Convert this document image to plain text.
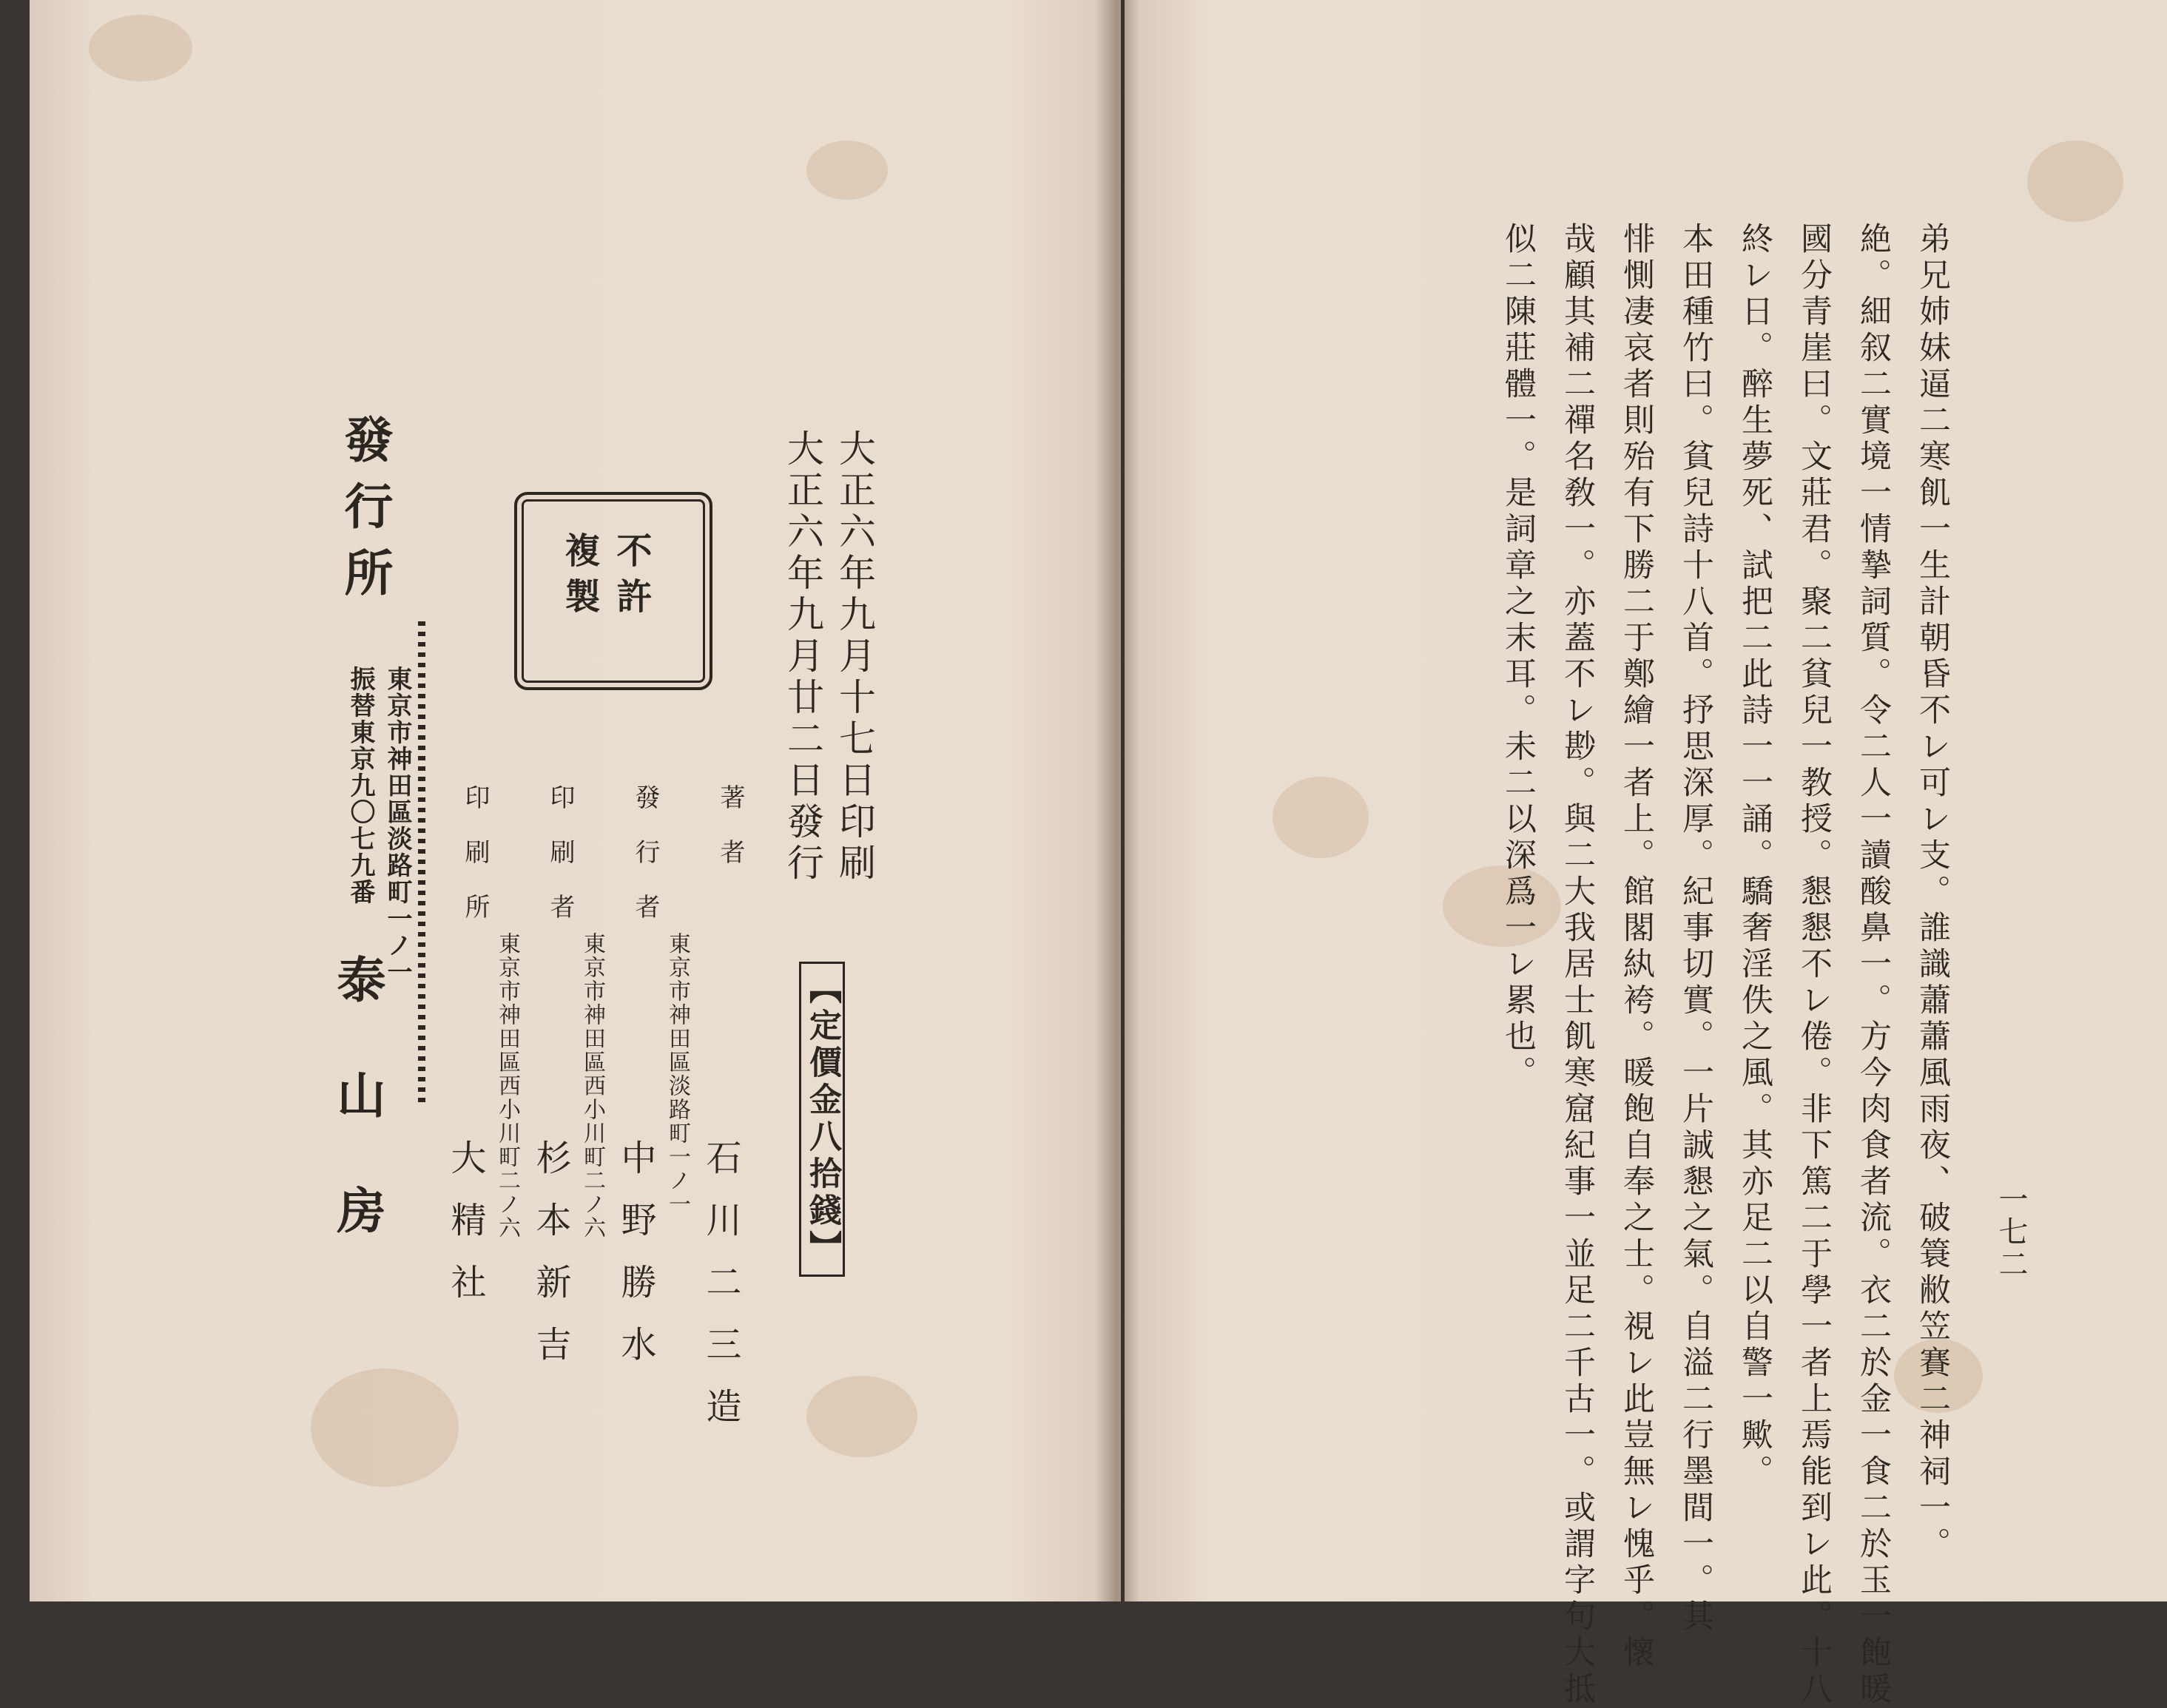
大正六年九月十七日印刷
大正六年九月廿二日發行
【定價金八拾錢】
不許
複製
著者
石川二三造
發行者
東京市神田區淡路町一ノ一
中野勝水
印刷者
東京市神田區西小川町二ノ六
杉本新吉
印刷所
東京市神田區西小川町二ノ六
大精社
發行所
東京市神田區淡路町一ノ一
振替東京九〇七九番
泰山房	一七二
弟兄姉妹逼二寒飢一生計朝昏不レ可レ支。誰識蕭蕭風雨夜、破簑敝笠賽二神祠一。
絶。細叙二實境一情摯詞質。令二人一讀酸鼻一。方今肉食者流。衣二於金一食二於玉一飽暖
國分青崖曰。文莊君。聚二貧兒一教授。懇懇不レ倦。非下篤二于學一者上焉能到レ此。十八
終レ日。醉生夢死、試把二此詩一一誦。驕奢淫佚之風。其亦足二以自警一歟。
本田種竹曰。貧兒詩十八首。抒思深厚。紀事切實。一片誠懇之氣。自溢二行墨間一。其
悱惻凄哀者則殆有下勝二于鄭繪一者上。館閣紈袴。暖飽自奉之士。視レ此豈無レ愧乎。懷
哉顧其補二禪名敎一。亦蓋不レ尠。與二大我居士飢寒窟紀事一並足二千古一。或謂字句大抵
似二陳莊體一。是詞章之末耳。未二以深爲一レ累也。
